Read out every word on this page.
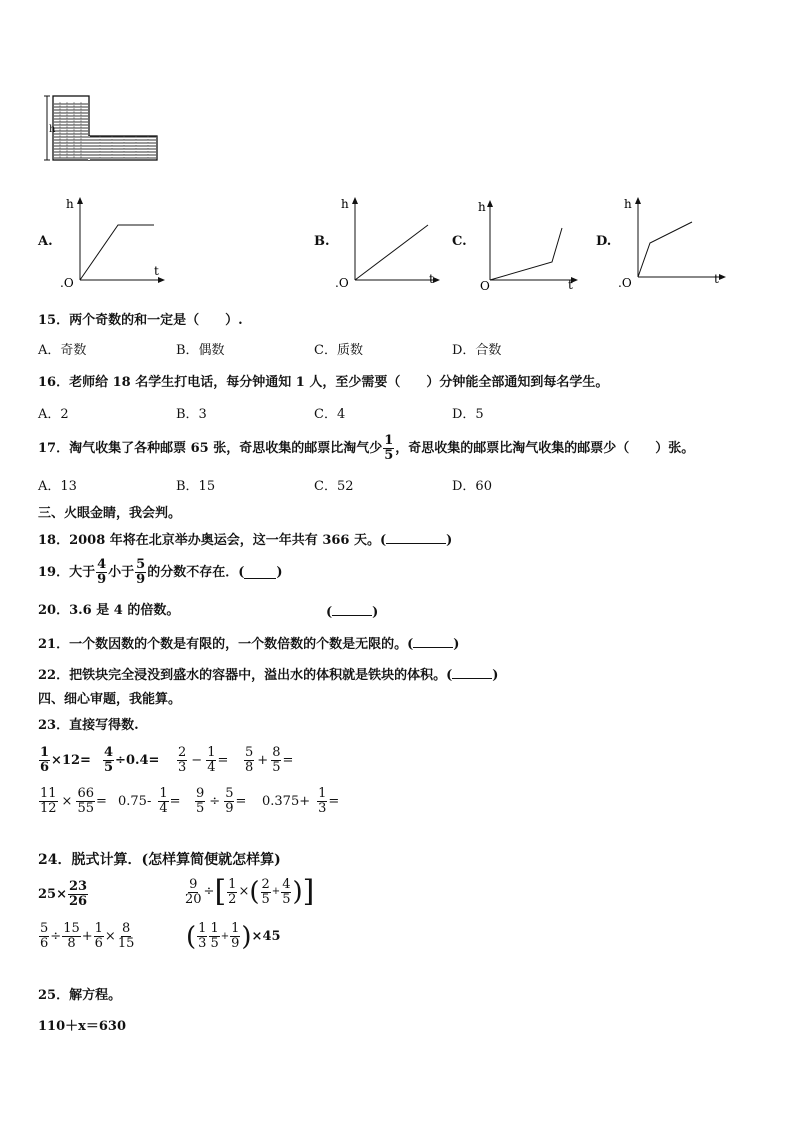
h
A.
h
t
.O
B.
h
t
.O
C.
h
t
O
D.
h
t
.O
15．两个奇数的和一定是（　　）.
A．奇数	B．偶数	C．质数	D．合数
16．老师给 18 名学生打电话，每分钟通知 1 人，至少需要（　　）分钟能全部通知到每名学生。
A．2	B．3	C．4	D．5
17．淘气收集了各种邮票 65 张，奇思收集的邮票比淘气少 $\frac{1}{5}$ ，奇思收集的邮票比淘气收集的邮票少（　　）张。
A．13	B．15	C．52	D．60
三、火眼金睛，我会判。
18．2008 年将在北京举办奥运会，这一年共有 366 天。(	)
19．大于 $\frac{4}{9}$ 小于 $\frac{5}{9}$ 的分数不存在．( )
20．3.6 是 4 的倍数。	(	)
21．一个数因数的个数是有限的，一个数倍数的个数是无限的。(	)
22．把铁块完全浸没到盛水的容器中，溢出水的体积就是铁块的体积。(	)
四、细心审题，我能算。
23．直接写得数.
$\frac{1}{6} \times 12= \frac{4}{5} \div 0.4= \frac{2}{3} - \frac{1}{4} = \frac{5}{8} + \frac{8}{5}$ =
$\frac{11}{12} \times \frac{66}{55} = 0.75- \frac{1}{4} = \frac{9}{5} \div \frac{5}{9} = 0.375+ \frac{1}{3}$ =
24．脱式计算．(怎样算简便就怎样算)
$25\times \frac{23}{26}$	$\frac{9}{20}$ ÷ [ $\frac{1}{2}$ × ( $\frac{2}{5} + \frac{4}{5}$ ) ]
$\frac{5}{6} \div \frac{15}{8} + \frac{1}{6} \times \frac{8}{15}$ ( $\frac{1}{3} \frac{1}{5} + \frac{1}{9}$ ) ×45
25．解方程。
110＋x＝630
